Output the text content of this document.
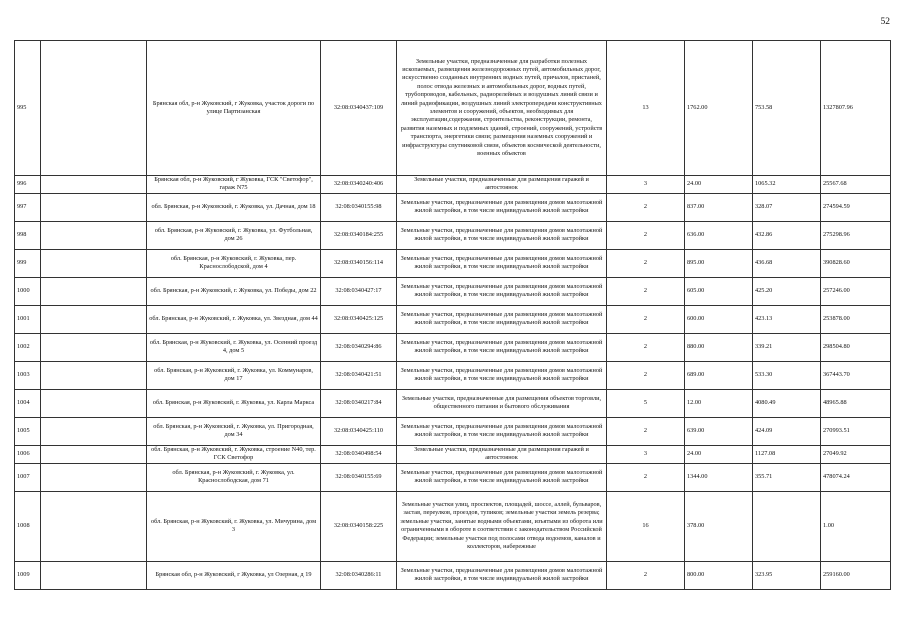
52
995		Брянская обл, р-н Жуковский, г Жуковка, участок дороги по улице Партизанская	32:08:0340437:109	Земельные участки, предназначенные для разработки полезных ископаемых, размещения железнодорожных путей, автомобильных дорог, искусственно созданных внутренних водных путей, причалов, пристаней, полос отвода железных и автомобильных дорог, водных путей, трубопроводов, кабельных, радиорелейных и воздушных линий связи и линий радиофикации, воздушных линий электропередачи конструктивных элементов и сооружений, объектов, необходимых для эксплуатации,содержания, строительства, реконструкции, ремонта, развития наземных и подземных зданий, строений, сооружений, устройств транспорта, энергетики связи; размещения наземных сооружений и инфраструктуры спутниковой связи, объектов космической деятельности, военных объектов	13	1762.00	753.58	1327807.96
996		Брянская обл, р-н Жуковский, г Жуковка, ГСК "Светофор", гараж N75	32:08:0340240:406	Земельные участки, предназначенные для размещения гаражей и автостоянок	3	24.00	1065.32	25567.68
997		обл. Брянская, р-н Жуковский, г. Жуковка, ул. Дачная, дом 18	32:08:0340155:98	Земельные участки, предназначенные для размещения домов малоэтажной жилой застройки, в том числе индивидуальной жилой застройки	2	837.00	328.07	274594.59
998		обл. Брянская, р-н Жуковский, г. Жуковка, ул. Футбольная, дом 26	32:08:0340184:255	Земельные участки, предназначенные для размещения домов малоэтажной жилой застройки, в том числе индивидуальной жилой застройки	2	636.00	432.86	275298.96
999		обл. Брянская, р-н Жуковский, г. Жуковка, пер. Краснослободской, дом 4	32:08:0340156:114	Земельные участки, предназначенные для размещения домов малоэтажной жилой застройки, в том числе индивидуальной жилой застройки	2	895.00	436.68	390828.60
1000		обл. Брянская, р-н Жуковский, г. Жуковка, ул. Победы, дом 22	32:08:0340427:17	Земельные участки, предназначенные для размещения домов малоэтажной жилой застройки, в том числе индивидуальной жилой застройки	2	605.00	425.20	257246.00
1001		обл. Брянская, р-н Жуковский, г. Жуковка, ул. Звездная, дом 44	32:08:0340425:125	Земельные участки, предназначенные для размещения домов малоэтажной жилой застройки, в том числе индивидуальной жилой застройки	2	600.00	423.13	253878.00
1002		обл. Брянская, р-н Жуковский, г. Жуковка, ул. Осенний проезд 4, дом 5	32:08:0340294:86	Земельные участки, предназначенные для размещения домов малоэтажной жилой застройки, в том числе индивидуальной жилой застройки	2	880.00	339.21	298504.80
1003		обл. Брянская, р-н Жуковский, г. Жуковка, ул. Коммунаров, дом 17	32:08:0340421:51	Земельные участки, предназначенные для размещения домов малоэтажной жилой застройки, в том числе индивидуальной жилой застройки	2	689.00	533.30	367443.70
1004		обл. Брянская, р-н Жуковский, г. Жуковка, ул. Карла Маркса	32:08:0340217:84	Земельные участки, предназначенные для размещения объектов торговли, общественного питания и бытового обслуживания	5	12.00	4080.49	48965.88
1005		обл. Брянская, р-н Жуковский, г. Жуковка, ул. Пригородная, дом 34	32:08:0340425:110	Земельные участки, предназначенные для размещения домов малоэтажной жилой застройки, в том числе индивидуальной жилой застройки	2	639.00	424.09	270993.51
1006		обл. Брянская, р-н Жуковский, г. Жуковка, строение N40, тер. ГСК Светофор	32:08:0340498:54	Земельные участки, предназначенные для размещения гаражей и автостоянок	3	24.00	1127.08	27049.92
1007		обл. Брянская, р-н Жуковский, г. Жуковка, ул. Краснослободская, дом 71	32:08:0340155:69	Земельные участки, предназначенные для размещения домов малоэтажной жилой застройки, в том числе индивидуальной жилой застройки	2	1344.00	355.71	478074.24
1008		обл. Брянская, р-н Жуковский, г. Жуковка, ул. Мичурина, дом 3	32:08:0340158:225	Земельные участки улиц, проспектов, площадей, шоссе, аллей, бульваров, застав, переулков, проездов, тупиков; земельные участки земель резерва; земельные участки, занятые водными объектами, изъятыми из оборота или ограниченными в обороте в соответствии с законодательством Российской Федерации; земельные участки под полосами отвода водоемов, каналов и коллекторов, набережные	16	378.00		1.00
1009		Брянская обл, р-н Жуковский, г Жуковка, ул Озерная, д 19	32:08:0340286:11	Земельные участки, предназначенные для размещения домов малоэтажной жилой застройки, в том числе индивидуальной жилой застройки	2	800.00	323.95	259160.00
